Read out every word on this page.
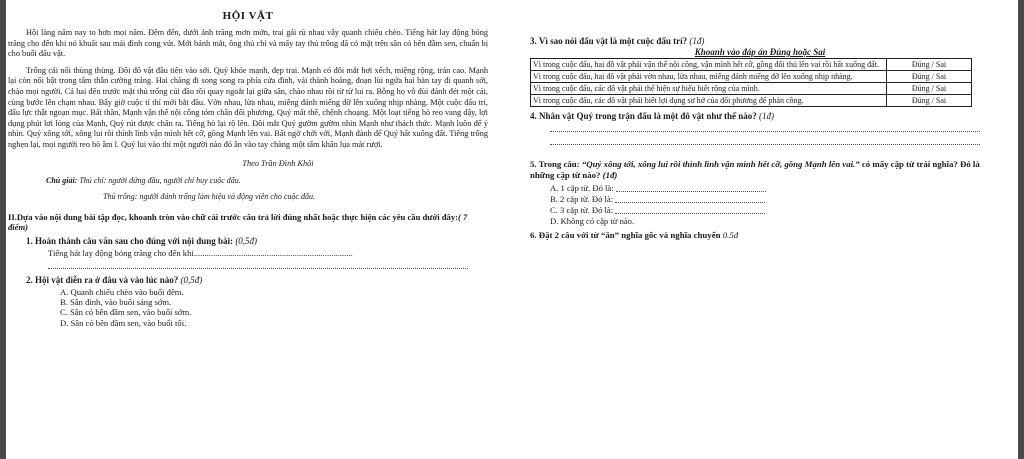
HỘI VẬT

Hội làng năm nay to hơn mọi năm. Đêm đến, dưới ánh trăng mơn mởn, trai gái rủ nhau vây quanh chiếu chèo. Tiếng hát lay động bóng trăng cho đến khi nó khuất sau mái đình cong vút. Mới bảnh mắt, ông thủ chỉ và mấy tay thủ trống đã có mặt trên sân cỏ bên đầm sen, chuẩn bị cho buổi đấu vật.

Trống cái nổi thùng thùng. Đôi đô vật đầu tiên vào sới. Quý khỏe mạnh, đẹp trai. Mạnh có đôi mắt hơi xếch, miệng rộng, trán cao. Mạnh lại còn nổi bật trong tấm thân cường tráng. Hai chàng đi song song ra phía cửa đình, vái thành hoàng, đoạn lùi ngửa hai bàn tay đi quanh sới, chào mọi người. Cả hai đến trước mặt thủ trống cúi đầu rồi quay ngoắt lại giữa sân, chào nhau rồi từ từ lui ra. Bỗng họ vỗ đùi đánh đét một cái, cùng bước lên chạm nhau. Bây giờ cuộc tỉ thí mới bắt đầu. Vờn nhau, lừa nhau, miếng đánh miếng đỡ lên xuống nhịp nhàng. Một cuộc đấu trí, đấu lực thật ngoạn mục. Bất thần, Mạnh vận thế nội công tóm chân đối phương. Quý mất thế, chệnh choạng. Một loạt tiếng hò reo vang dậy, lợi dụng phút lơi lỏng của Mạnh, Quý rút được chân ra. Tiếng hò lại rộ lên. Đôi mắt Quý gườm gườm nhìn Mạnh như thách thức. Mạnh luôn để ý nhìn. Quý xông tới, xông lui rồi thình lình vận mình hết cỡ, gồng Mạnh lên vai. Bất ngờ chới với, Mạnh đành để Quý hất xuống đất. Tiếng trống nghẹn lại, mọi người reo hò ầm ĩ. Quý lui vào thi một người nào đó ân vào tay chàng một tấm khăn lụa mát rượi.

Theo Trần Đình Khôi
Chú giải: Thủ chỉ: người đứng đầu, người chỉ huy cuộc đấu.
Thủ trống: người đánh trống làm hiệu và động viên cho cuộc đấu.
II.Dựa vào nội dung bài tập đọc, khoanh tròn vào chữ cái trước câu trả lời đúng nhất hoặc thực hiện các yêu cầu dưới đây:( 7 điểm)
1. Hoàn thành câu văn sau cho đúng với nội dung bài: (0,5đ)
Tiếng hát lay động bóng trăng cho đến khi..........................................................................
2. Hội vật diễn ra ở đâu và vào lúc nào? (0,5đ)
A. Quanh chiếu chèo vào buổi đêm.
B. Sân đình, vào buổi sáng sớm.
C. Sân cỏ bên đầm sen, vào buổi sớm.
D. Sân cỏ bên đầm sen, vào buổi tối.
3. Vì sao nói đấu vật là một cuộc đấu trí? (1đ)
Khoanh vào đáp án Đúng hoặc Sai
Vì trong cuộc đấu, hai đô vật phải vận thế nội công, vận mình hết cỡ, gồng đối thủ lên vai rồi hất xuống đất.	Đúng / Sai
Vì trong cuộc đấu, hai đô vật phải vờn nhau, lừa nhau, miếng đánh miếng đỡ lên xuống nhịp nhàng.	Đúng / Sai
Vì trong cuộc đấu, các đô vật phải thể hiện sự hiểu biết rộng của mình.	Đúng / Sai
Vì trong cuộc đấu, các đô vật phải biết lợi dụng sơ hở của đối phương để phản công.	Đúng / Sai
4. Nhân vật Quý trong trận đấu là một đô vật như thế nào? (1đ)
5. Trong câu: “Quý xông tới, xông lui rồi thình lình vận mình hết cỡ, gồng Mạnh lên vai.” có mấy cặp từ trái nghĩa? Đó là những cặp từ nào? (1đ)
A. 1 cặp từ. Đó là:
B. 2 cặp từ. Đó là:
C. 3 cặp từ. Đó là:
D. Không có cặp từ nào.
6. Đặt 2 câu với từ “ăn” nghĩa gốc và nghĩa chuyển 0.5đ
